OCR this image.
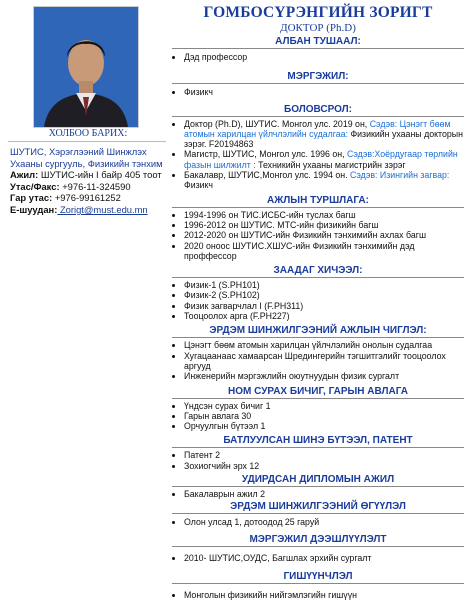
ХОЛБОО БАРИХ:
ШУТИС, Хэрэглээний Шинжлэх Ухааны сургууль, Физикийн тэнхим
Ажил: ШУТИС-ийн I байр 405 тоот
Утас/Факс: +976-11-324590
Гар утас: +976-99161252
Е-шуудан: Zorigt@must.edu.mn
ГОМБОСҮРЭНГИЙН ЗОРИГТ
ДОКТОР (Ph.D)
АЛБАН ТУШААЛ:
• Дэд профессор
МЭРГЭЖИЛ:
• Физикч
БОЛОВСРОЛ:
• Доктор (Ph.D), ШУТИС. Монгол улс. 2019 он, Сэдэв: Цэнэгт бөөм атомын харилцан үйлчлэлийн судалгаа: Физикийн ухааны докторын зэрэг. F20194863
• Магистр, ШУТИС, Монгол улс. 1996 он, Сэдэв:Хоёрдугаар төрлийн фазын шилжилт : Техникийн ухааны магистрийн зэрэг
• Бакалавр, ШУТИС,Монгол улс. 1994 он. Сэдэв: Изингийн загвар: Физикч
АЖЛЫН ТУРШЛАГА:
• 1994-1996 он ТИС.ИСБС-ийн туслах багш
• 1996-2012 он ШУТИС. МТС-ийн физикийн багш
• 2012-2020 он ШУТИС-ийн Физикийн тэнхимийн ахлах багш
• 2020 оноос ШУТИС.ХШУС-ийн Физикийн тэнхимийн дэд проффессор
ЗААДАГ ХИЧЭЭЛ:
• Физик-1 (S.PH101)
• Физик-2 (S.PH102)
• Физик загварчлал I (F.PH311)
• Тооцоолох арга (F.PH227)
ЭРДЭМ ШИНЖИЛГЭЭНИЙ АЖЛЫН ЧИГЛЭЛ:
• Цэнэгт бөөм атомын харилцан үйлчлэлийн онолын судалгаа
• Хугацаанаас хамаарсан Шредингерийн тэгшитгэлийг тооцоолох аргууд
• Инженерийн мэргэжлийн оюутнуудын физик сургалт
НОМ СУРАХ БИЧИГ, ГАРЫН АВЛАГА
• Үндсэн сурах бичиг 1
• Гарын авлага 30
• Орчуулгын бүтээл 1
БАТЛУУЛСАН ШИНЭ БҮТЭЭЛ, ПАТЕНТ
• Патент 2
• Зохиогчийн эрх 12
УДИРДСАН ДИПЛОМЫН АЖИЛ
• Бакалаврын ажил 2
ЭРДЭМ ШИНЖИЛГЭЭНИЙ ӨГҮҮЛЭЛ
• Олон улсад 1, дотоодод 25 гаруй
МЭРГЭЖИЛ ДЭЭШЛҮҮЛЭЛТ
• 2010- ШУТИС,ОУДС, Багшлах эрхийн сургалт
ГИШҮҮНЧЛЭЛ
• Монголын физикийн нийгэмлэгийн гишүүн
